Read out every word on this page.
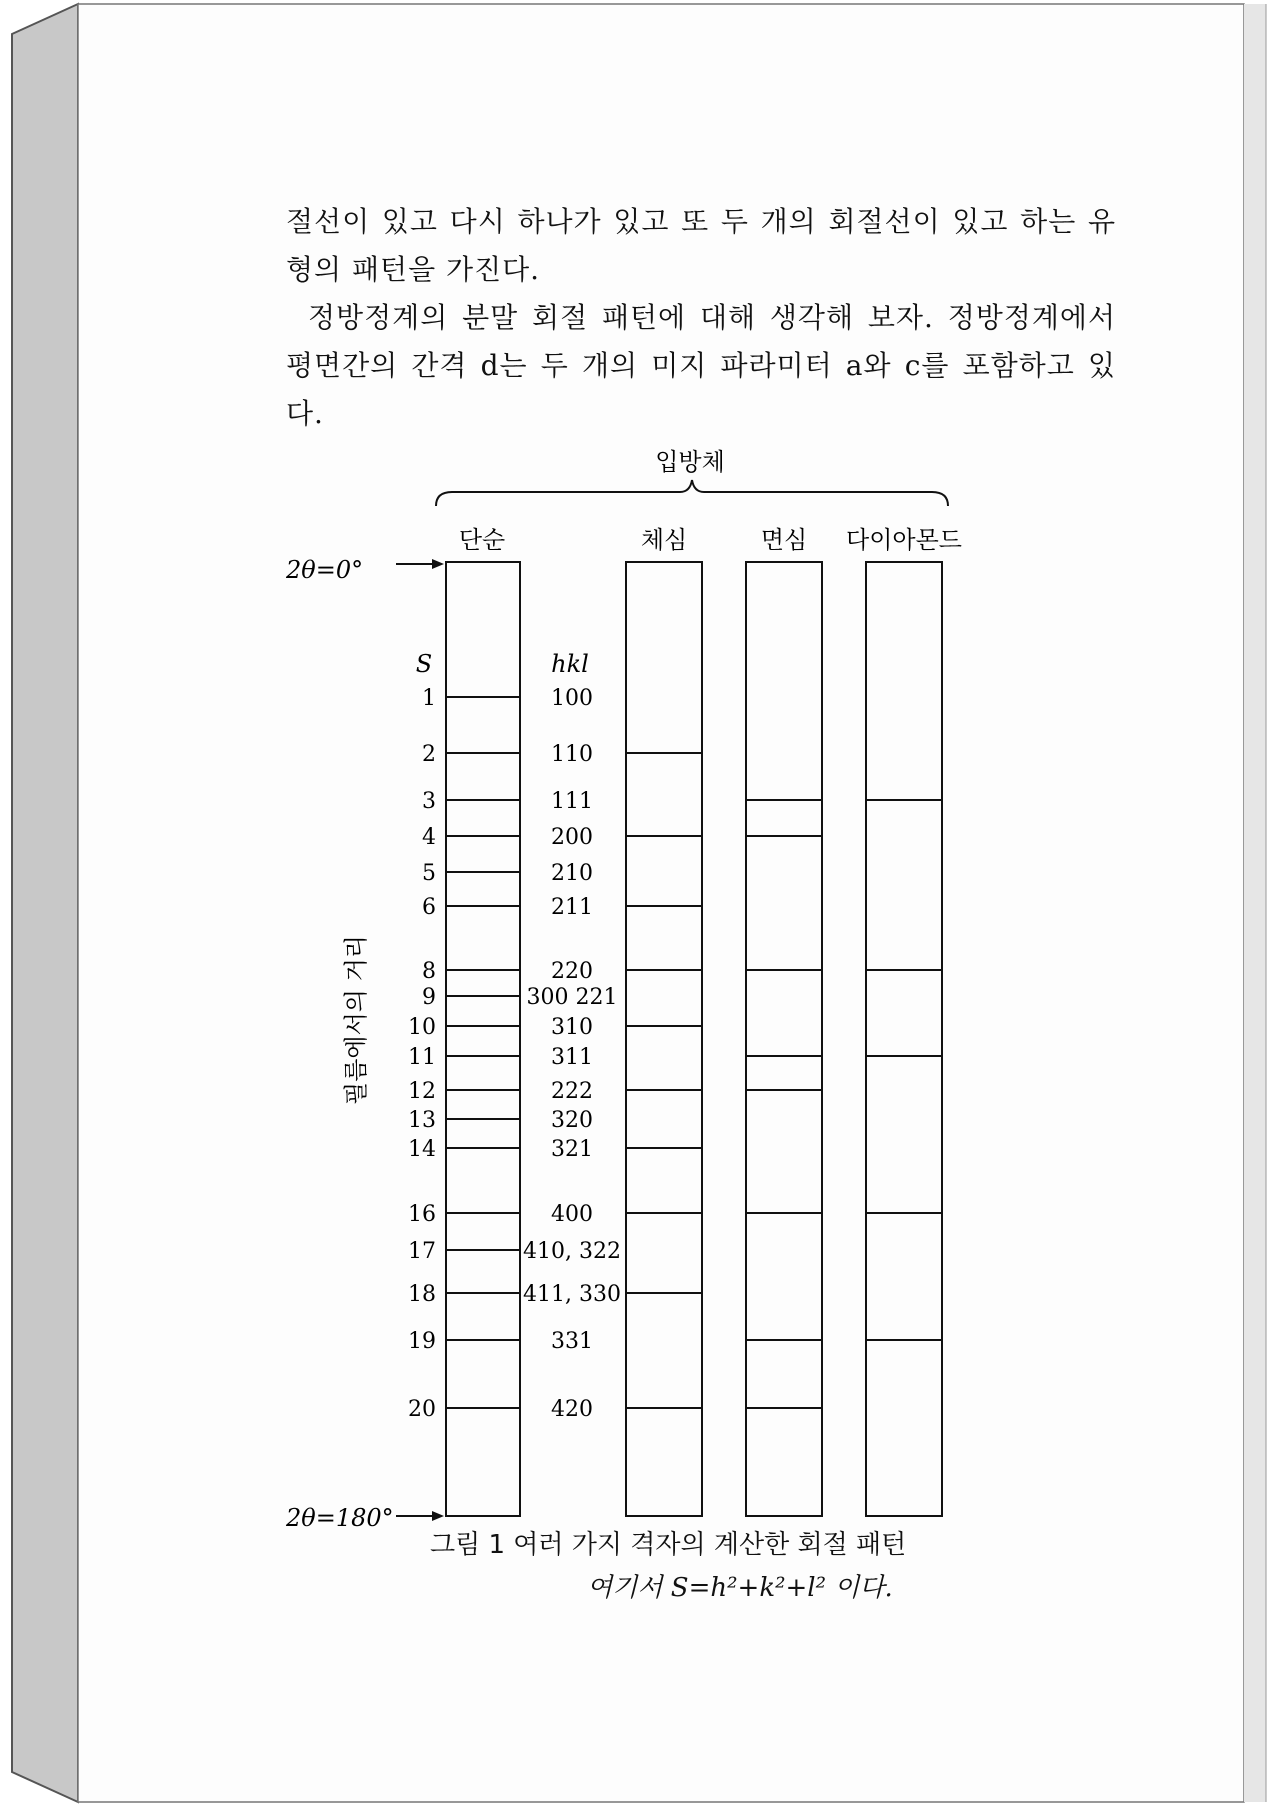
절선이 있고 다시 하나가 있고 또 두 개의 회절선이 있고 하는 유형의 패턴을 가진다.
정방정계의 분말 회절 패턴에 대해 생각해 보자. 정방정계에서 평면간의 간격 d는 두 개의 미지 파라미터 a와 c를 포함하고 있다.
입방체
단순	체심	면심 다이아몬드
2θ=0°
2θ=180°
필름에서의 거리
S	hkl
1	100
2	110
3	111
4	200
5	210
6	211
8	220
9	300 221
10	310
11	311
12	222
13	320
14	321
16	400
17	410, 322
18	411, 330
19	331
20	420
그림 1 여러 가지 격자의 계산한 회절 패턴
여기서 S=h²+k²+l² 이다.
